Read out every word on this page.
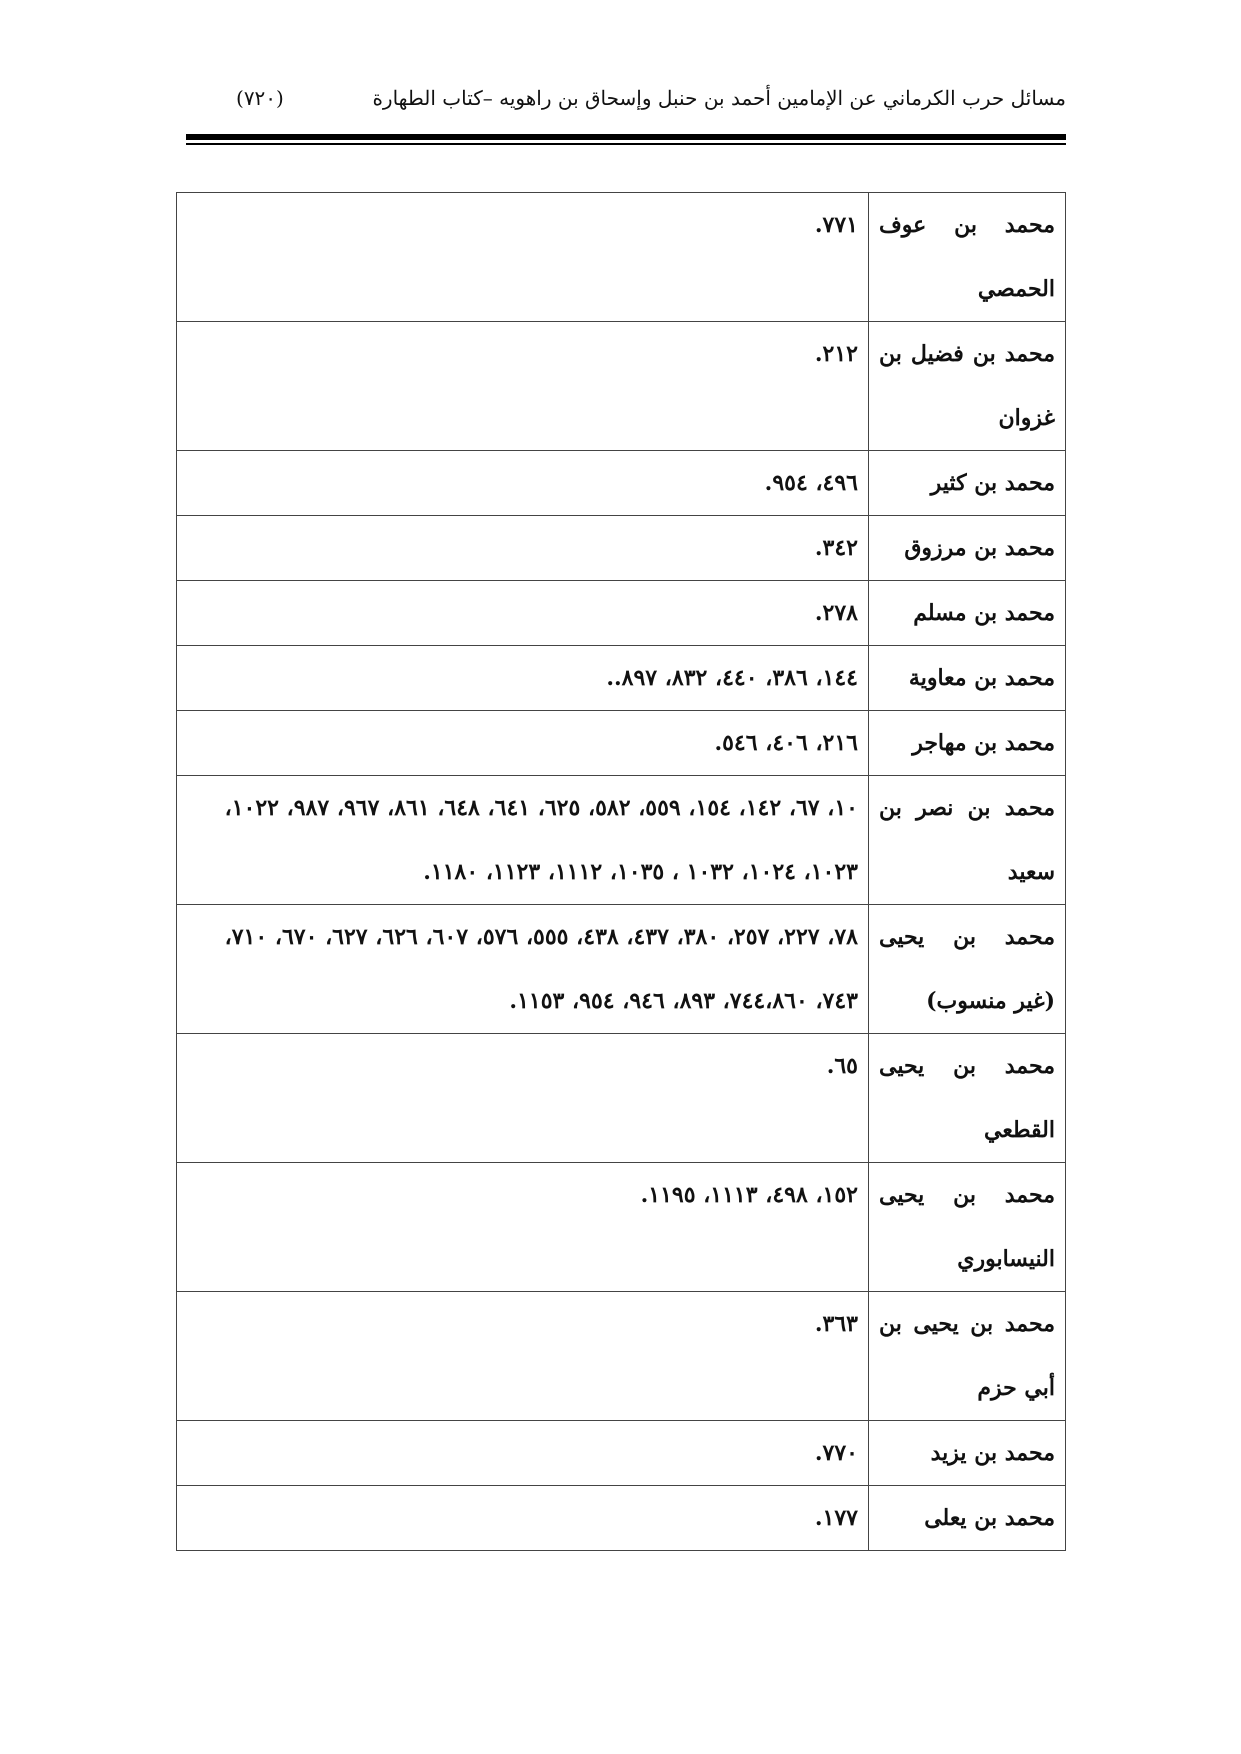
مسائل حرب الكرماني عن الإمامين أحمد بن حنبل وإسحاق بن راهويه –كتاب الطهارة
(٧٢٠)
محمد بن عوف الحمصي	٧٧١.
محمد بن فضيل بن غزوان	٢١٢.
محمد بن كثير	٤٩٦، ٩٥٤.
محمد بن مرزوق	٣٤٢.
محمد بن مسلم	٢٧٨.
محمد بن معاوية	١٤٤، ٣٨٦، ٤٤٠، ٨٣٢، ٨٩٧..
محمد بن مهاجر	٢١٦، ٤٠٦، ٥٤٦.
محمد بن نصر بن سعيد	١٠، ٦٧، ١٤٢، ١٥٤، ٥٥٩، ٥٨٢، ٦٢٥، ٦٤١، ٦٤٨، ٨٦١، ٩٦٧، ٩٨٧، ١٠٢٢، ١٠٢٣، ١٠٢٤، ١٠٣٢ ، ١٠٣٥، ١١١٢، ١١٢٣، ١١٨٠.
محمد بن يحيى (غير منسوب)	٧٨، ٢٢٧، ٢٥٧، ٣٨٠، ٤٣٧، ٤٣٨، ٥٥٥، ٥٧٦، ٦٠٧، ٦٢٦، ٦٢٧، ٦٧٠، ٧١٠، ٧٤٣، ٧٤٤،٨٦٠، ٨٩٣، ٩٤٦، ٩٥٤، ١١٥٣.
محمد بن يحيى القطعي	٦٥.
محمد بن يحيى النيسابوري	١٥٢، ٤٩٨، ١١١٣، ١١٩٥.
محمد بن يحيى بن أبي حزم	٣٦٣.
محمد بن يزيد	٧٧٠.
محمد بن يعلى	١٧٧.
